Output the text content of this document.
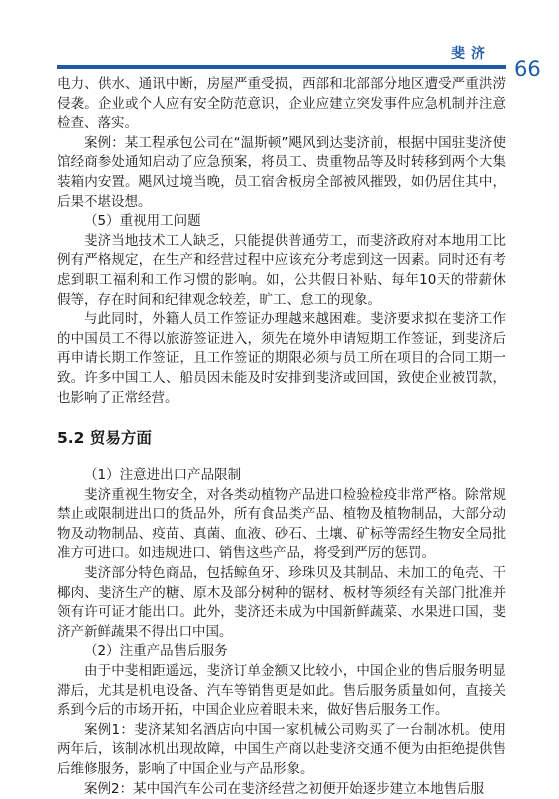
斐济
66

电力、供水、通讯中断，房屋严重受损，西部和北部部分地区遭受严重洪涝侵袭。企业或个人应有安全防范意识，企业应建立突发事件应急机制并注意检查、落实。

案例：某工程承包公司在“温斯顿”飓风到达斐济前，根据中国驻斐济使馆经商参处通知启动了应急预案，将员工、贵重物品等及时转移到两个大集装箱内安置。飓风过境当晚，员工宿舍板房全部被风摧毁，如仍居住其中，后果不堪设想。

（5）重视用工问题

斐济当地技术工人缺乏，只能提供普通劳工，而斐济政府对本地用工比例有严格规定，在生产和经营过程中应该充分考虑到这一因素。同时还有考虑到职工福利和工作习惯的影响。如，公共假日补贴、每年10天的带薪休假等，存在时间和纪律观念较差，旷工、怠工的现象。

与此同时，外籍人员工作签证办理越来越困难。斐济要求拟在斐济工作的中国员工不得以旅游签证进入，须先在境外申请短期工作签证，到斐济后再申请长期工作签证，且工作签证的期限必须与员工所在项目的合同工期一致。许多中国工人、船员因未能及时安排到斐济或回国，致使企业被罚款，也影响了正常经营。

5.2 贸易方面

（1）注意进出口产品限制

斐济重视生物安全，对各类动植物产品进口检验检疫非常严格。除常规禁止或限制进出口的货品外，所有食品类产品、植物及植物制品，大部分动物及动物制品、疫苗、真菌、血液、砂石、土壤、矿标等需经生物安全局批准方可进口。如违规进口、销售这些产品，将受到严厉的惩罚。

斐济部分特色商品，包括鲸鱼牙、珍珠贝及其制品、未加工的龟壳、干椰肉、斐济生产的糖、原木及部分树种的锯材、板材等须经有关部门批准并领有许可证才能出口。此外，斐济还未成为中国新鲜蔬菜、水果进口国，斐济产新鲜蔬果不得出口中国。

（2）注重产品售后服务

由于中斐相距遥远，斐济订单金额又比较小，中国企业的售后服务明显滞后，尤其是机电设备、汽车等销售更是如此。售后服务质量如何，直接关系到今后的市场开拓，中国企业应着眼未来，做好售后服务工作。

案例1：斐济某知名酒店向中国一家机械公司购买了一台制冰机。使用两年后，该制冰机出现故障，中国生产商以赴斐济交通不便为由拒绝提供售后维修服务，影响了中国企业与产品形象。

案例2：某中国汽车公司在斐济经营之初便开始逐步建立本地售后服
